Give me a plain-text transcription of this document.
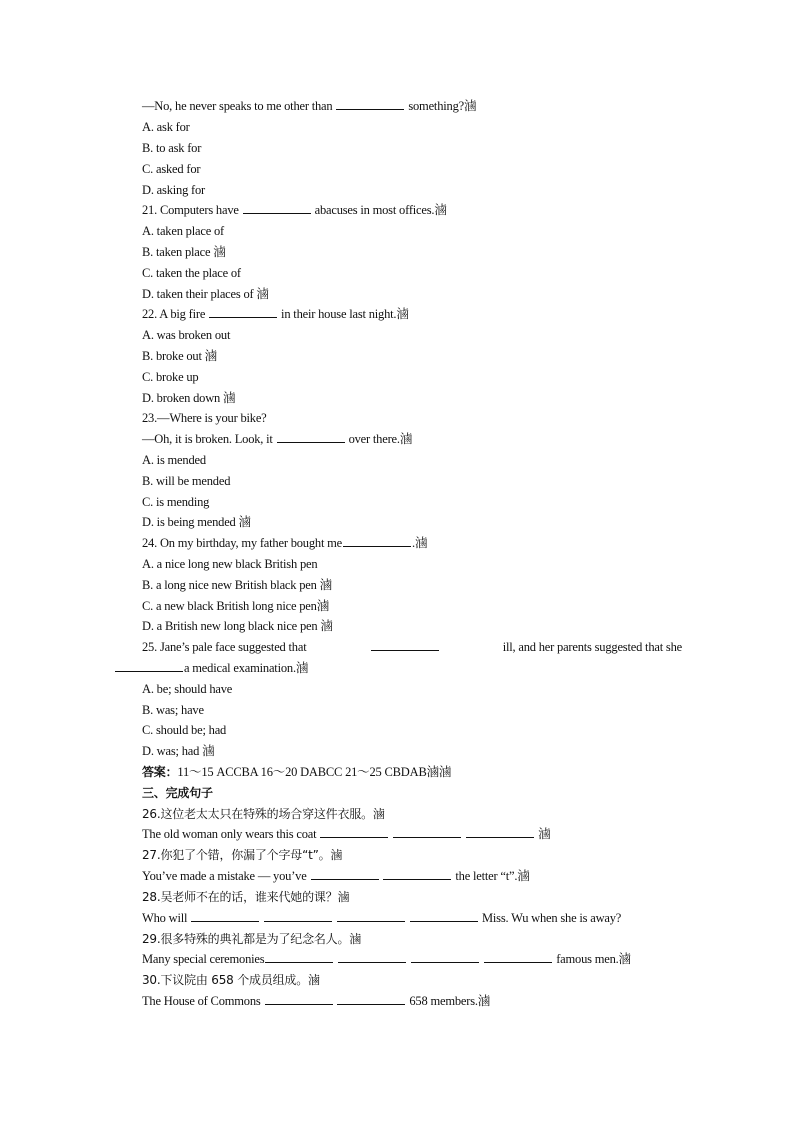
—No, he never speaks to me other than	something?滷
A. ask for
B. to ask for
C. asked for
D. asking for
21. Computers have	abacuses in most offices.滷
A. taken place of
B. taken place 滷
C. taken the place of
D. taken their places of 滷
22. A big fire	in their house last night.滷
A. was broken out
B. broke out 滷
C. broke up
D. broken down 滷
23.—Where is your bike?
—Oh, it is broken. Look, it	over there.滷
A. is mended
B. will be mended
C. is mending
D. is being mended 滷
24. On my birthday, my father bought me	.滷
A. a nice long new black British pen
B. a long nice new British black pen 滷
C. a new black British long nice pen滷
D. a British new long black nice pen 滷
25. Jane’s pale face suggested that	ill, and her parents suggested that she
a medical examination.滷
A. be; should have
B. was; have
C. should be; had
D. was; had 滷
答案：11～15 ACCBA 16～20 DABCC 21～25 CBDAB滷滷
三、完成句子
26.这位老太太只在特殊的场合穿这件衣服。滷
The old woman only wears this coat	滷
27.你犯了个错，你漏了个字母“t”。滷
You’ve made a mistake — you’ve	the letter “t”.滷
28.吴老师不在的话，谁来代她的课？滷
Who will	Miss. Wu when she is away?
29.很多特殊的典礼都是为了纪念名人。滷
Many special ceremonies	famous men.滷
30.下议院由 658 个成员组成。滷
The House of Commons	658 members.滷
